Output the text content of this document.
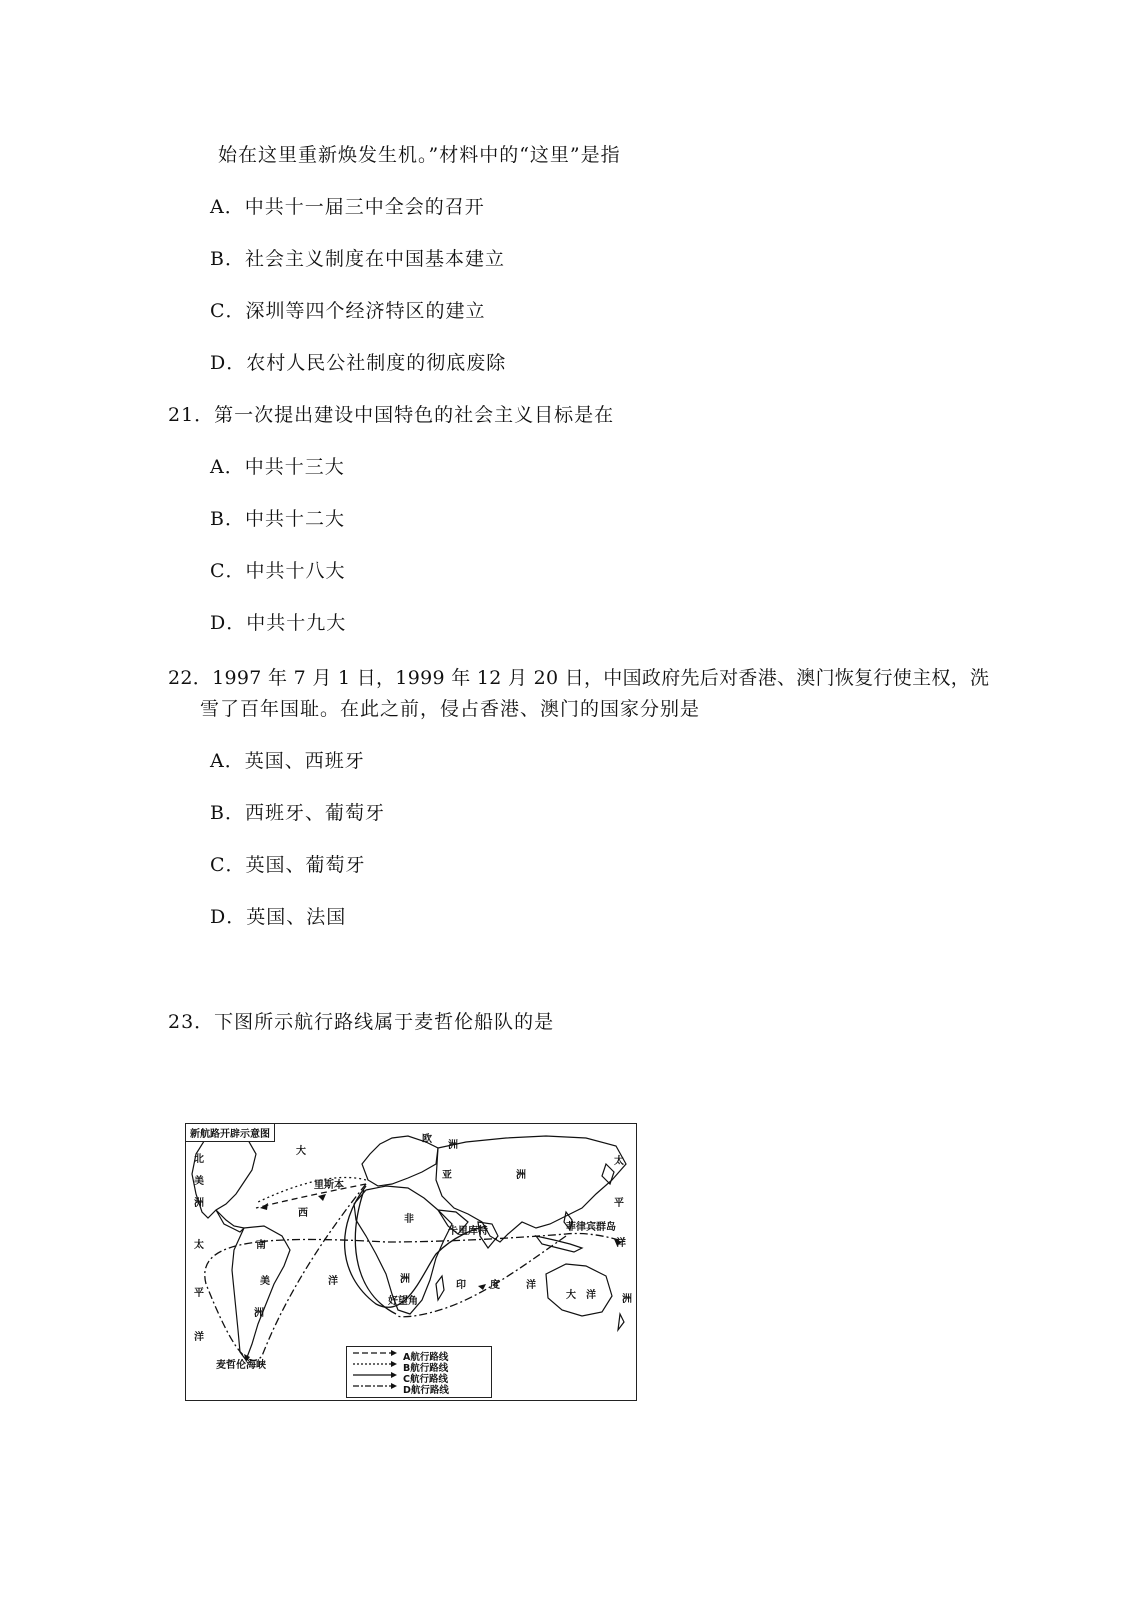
始在这里重新焕发生机。”材料中的“这里”是指
A．中共十一届三中全会的召开
B．社会主义制度在中国基本建立
C．深圳等四个经济特区的建立
D．农村人民公社制度的彻底废除
21．第一次提出建设中国特色的社会主义目标是在
A．中共十三大
B．中共十二大
C．中共十八大
D．中共十九大
22．1997 年 7 月 1 日，1999 年 12 月 20 日，中国政府先后对香港、澳门恢复行使主权，洗
雪了百年国耻。在此之前，侵占香港、澳门的国家分别是
A．英国、西班牙
B．西班牙、葡萄牙
C．英国、葡萄牙
D．英国、法国
23．下图所示航行路线属于麦哲伦船队的是
新航路开辟示意图
北
美
洲
太
平
洋
大
西
洋
南
美
洲
欧
洲
亚	洲
非
洲
印 度	洋
太
平
洋
大 洋	洲
里斯本
卡里库特	菲律宾群岛
好望角
麦哲伦海峡
A航行路线
B航行路线
C航行路线
D航行路线
